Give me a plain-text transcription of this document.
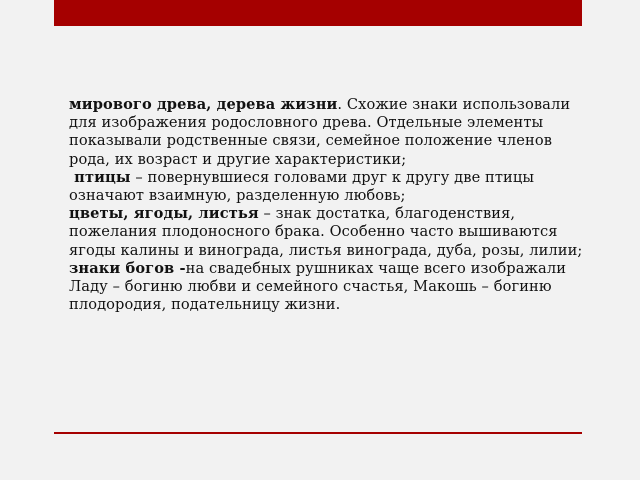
мирового древа, дерева жизни. Схожие знаки использовали для изображения родословного древа. Отдельные элементы показывали родственные связи, семейное положение членов рода, их возраст и другие характеристики;

птицы – повернувшиеся головами друг к другу две птицы означают взаимную, разделенную любовь;

цветы, ягоды, листья – знак достатка, благоденствия, пожелания плодоносного брака. Особенно часто вышиваются ягоды калины и винограда, листья винограда, дуба, розы, лилии;

знаки богов -на свадебных рушниках чаще всего изображали Ладу – богиню любви и семейного счастья, Макошь – богиню плодородия, подательницу жизни.
